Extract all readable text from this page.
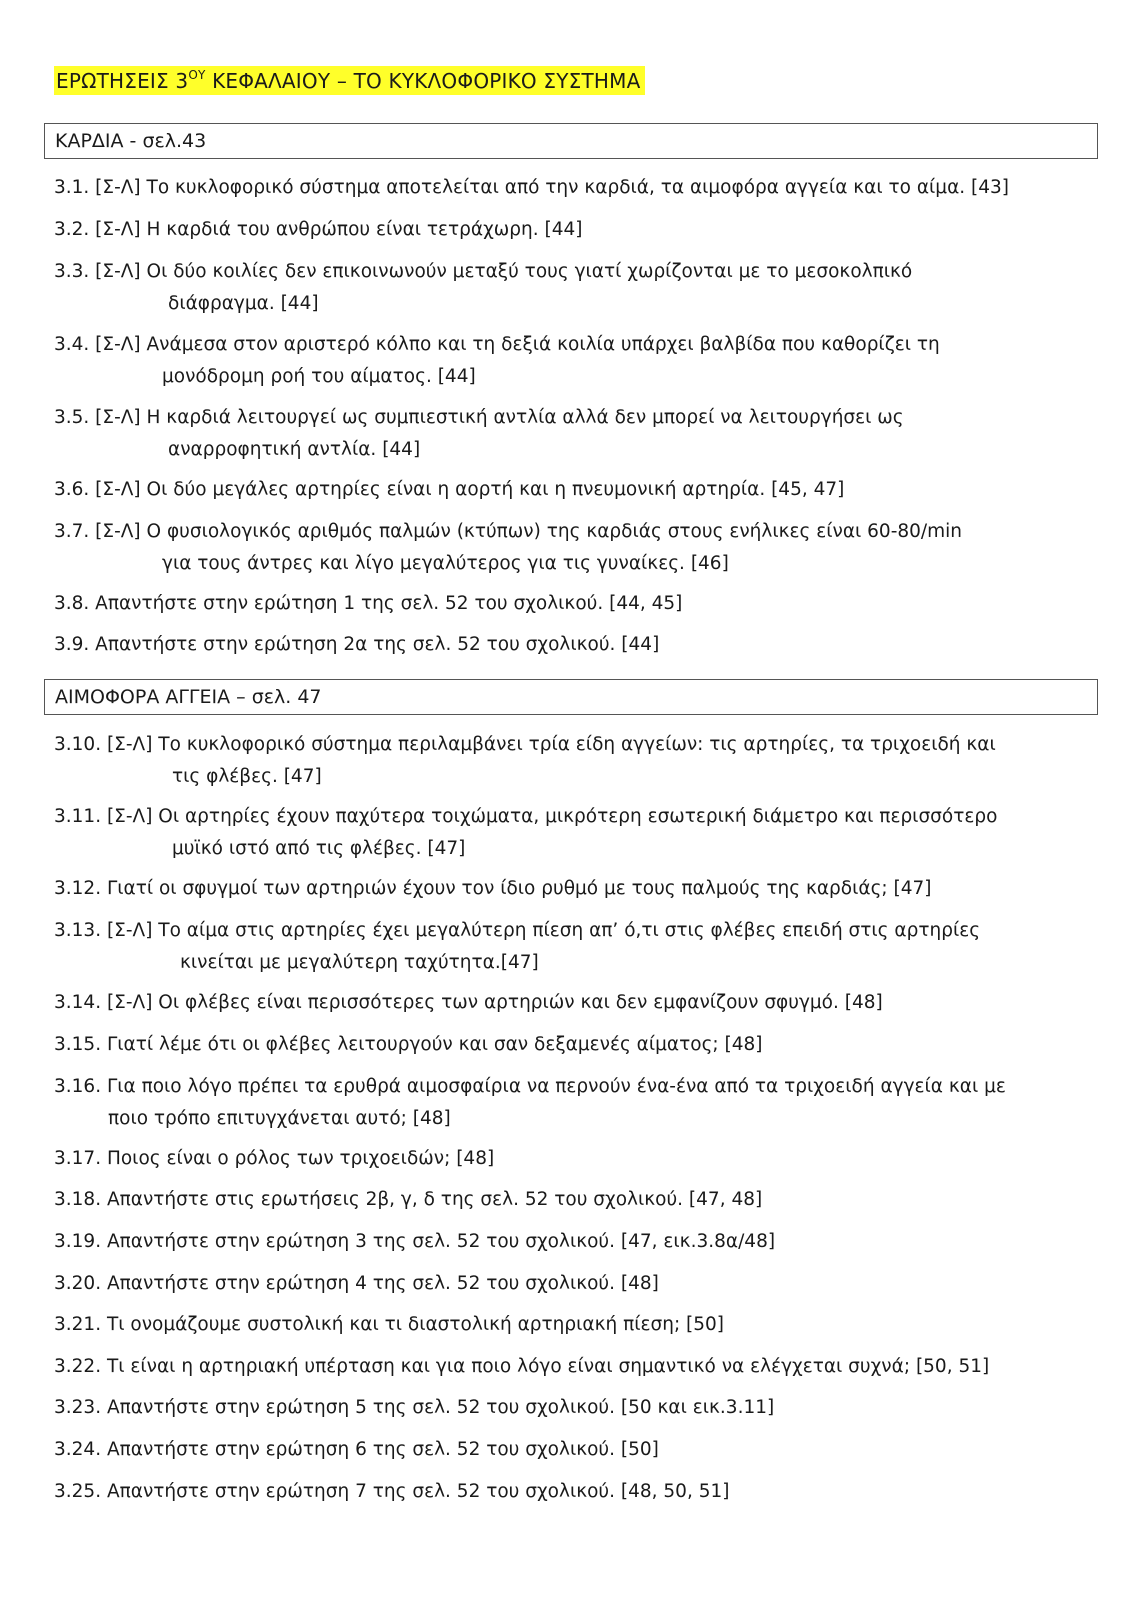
ΕΡΩΤΗΣΕΙΣ $3^{O\Upsilon}$ ΚΕΦΑΛΑΙΟΥ – ΤΟ ΚΥΚΛΟΦΟΡΙΚΟ ΣΥΣΤΗΜΑ
ΚΑΡΔΙΑ - σελ.43
3.1. [Σ-Λ] Το κυκλοφορικό σύστημα αποτελείται από την καρδιά, τα αιμοφόρα αγγεία και το αίμα. [43]
3.2. [Σ-Λ] Η καρδιά του ανθρώπου είναι τετράχωρη. [44]
3.3. [Σ-Λ] Οι δύο κοιλίες δεν επικοινωνούν μεταξύ τους γιατί χωρίζονται με το μεσοκολπικό
διάφραγμα. [44]
3.4. [Σ-Λ] Ανάμεσα στον αριστερό κόλπο και τη δεξιά κοιλία υπάρχει βαλβίδα που καθορίζει τη
μονόδρομη ροή του αίματος. [44]
3.5. [Σ-Λ] Η καρδιά λειτουργεί ως συμπιεστική αντλία αλλά δεν μπορεί να λειτουργήσει ως
αναρροφητική αντλία. [44]
3.6. [Σ-Λ] Οι δύο μεγάλες αρτηρίες είναι η αορτή και η πνευμονική αρτηρία. [45, 47]
3.7. [Σ-Λ] Ο φυσιολογικός αριθμός παλμών (κτύπων) της καρδιάς στους ενήλικες είναι 60-80/min
για τους άντρες και λίγο μεγαλύτερος για τις γυναίκες. [46]
3.8. Απαντήστε στην ερώτηση 1 της σελ. 52 του σχολικού. [44, 45]
3.9. Απαντήστε στην ερώτηση 2α της σελ. 52 του σχολικού. [44]
ΑΙΜΟΦΟΡΑ ΑΓΓΕΙΑ – σελ. 47
3.10. [Σ-Λ] Το κυκλοφορικό σύστημα περιλαμβάνει τρία είδη αγγείων: τις αρτηρίες, τα τριχοειδή και
τις φλέβες. [47]
3.11. [Σ-Λ] Οι αρτηρίες έχουν παχύτερα τοιχώματα, μικρότερη εσωτερική διάμετρο και περισσότερο
μυϊκό ιστό από τις φλέβες. [47]
3.12. Γιατί οι σφυγμοί των αρτηριών έχουν τον ίδιο ρυθμό με τους παλμούς της καρδιάς; [47]
3.13. [Σ-Λ] Το αίμα στις αρτηρίες έχει μεγαλύτερη πίεση απ’ ό,τι στις φλέβες επειδή στις αρτηρίες
κινείται με μεγαλύτερη ταχύτητα.[47]
3.14. [Σ-Λ] Οι φλέβες είναι περισσότερες των αρτηριών και δεν εμφανίζουν σφυγμό. [48]
3.15. Γιατί λέμε ότι οι φλέβες λειτουργούν και σαν δεξαμενές αίματος; [48]
3.16. Για ποιο λόγο πρέπει τα ερυθρά αιμοσφαίρια να περνούν ένα-ένα από τα τριχοειδή αγγεία και με
ποιο τρόπο επιτυγχάνεται αυτό; [48]
3.17. Ποιος είναι ο ρόλος των τριχοειδών; [48]
3.18. Απαντήστε στις ερωτήσεις 2β, γ, δ της σελ. 52 του σχολικού. [47, 48]
3.19. Απαντήστε στην ερώτηση 3 της σελ. 52 του σχολικού. [47, εικ.3.8α/48]
3.20. Απαντήστε στην ερώτηση 4 της σελ. 52 του σχολικού. [48]
3.21. Τι ονομάζουμε συστολική και τι διαστολική αρτηριακή πίεση; [50]
3.22. Τι είναι η αρτηριακή υπέρταση και για ποιο λόγο είναι σημαντικό να ελέγχεται συχνά; [50, 51]
3.23. Απαντήστε στην ερώτηση 5 της σελ. 52 του σχολικού. [50 και εικ.3.11]
3.24. Απαντήστε στην ερώτηση 6 της σελ. 52 του σχολικού. [50]
3.25. Απαντήστε στην ερώτηση 7 της σελ. 52 του σχολικού. [48, 50, 51]
